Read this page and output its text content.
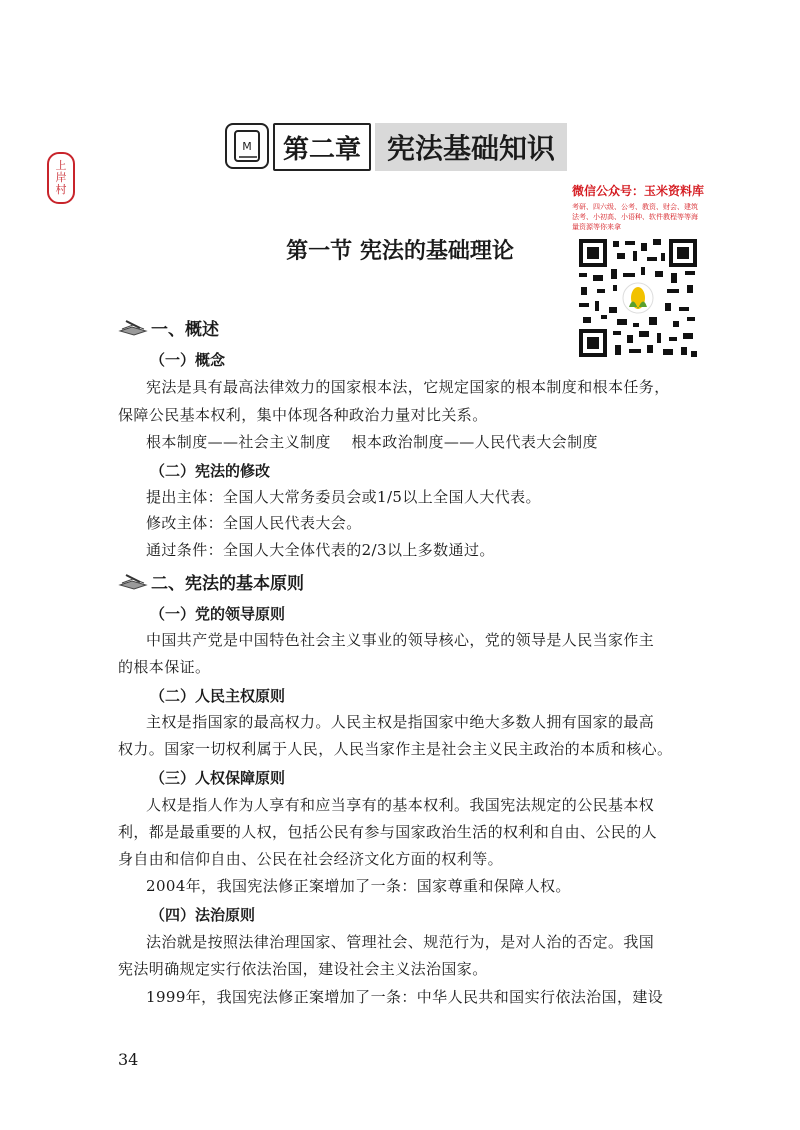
上
岸
村
M	第二章 宪法基础知识
微信公众号：玉米资料库
考研、四六级、公考、教资、财会、建筑法考、小初高、小语种、软件教程等等海量资源等你来拿
第一节 宪法的基础理论
一、概述
（一）概念
宪法是具有最高法律效力的国家根本法，它规定国家的根本制度和根本任务，
保障公民基本权利，集中体现各种政治力量对比关系。
根本制度——社会主义制度    根本政治制度——人民代表大会制度
（二）宪法的修改
提出主体：全国人大常务委员会或1/5以上全国人大代表。
修改主体：全国人民代表大会。
通过条件：全国人大全体代表的2/3以上多数通过。
二、宪法的基本原则
（一）党的领导原则
中国共产党是中国特色社会主义事业的领导核心，党的领导是人民当家作主
的根本保证。
（二）人民主权原则
主权是指国家的最高权力。人民主权是指国家中绝大多数人拥有国家的最高
权力。国家一切权利属于人民，人民当家作主是社会主义民主政治的本质和核心。
（三）人权保障原则
人权是指人作为人享有和应当享有的基本权利。我国宪法规定的公民基本权
利，都是最重要的人权，包括公民有参与国家政治生活的权利和自由、公民的人
身自由和信仰自由、公民在社会经济文化方面的权利等。
2004年，我国宪法修正案增加了一条：国家尊重和保障人权。
（四）法治原则
法治就是按照法律治理国家、管理社会、规范行为，是对人治的否定。我国
宪法明确规定实行依法治国，建设社会主义法治国家。
1999年，我国宪法修正案增加了一条：中华人民共和国实行依法治国，建设
34
